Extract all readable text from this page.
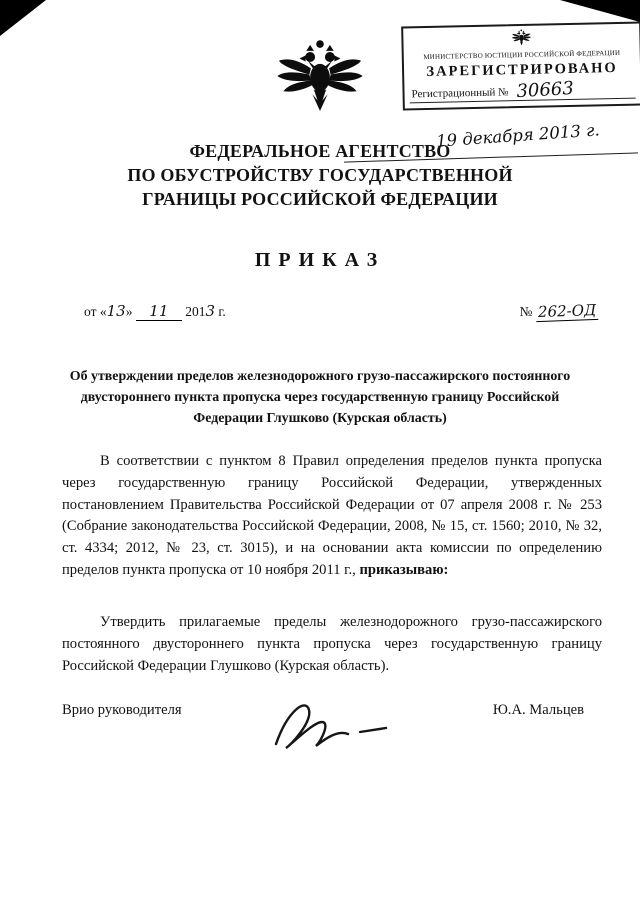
МИНИСТЕРСТВО ЮСТИЦИИ РОССИЙСКОЙ ФЕДЕРАЦИИ
ЗАРЕГИСТРИРОВАНО
Регистрационный № 30663
19 декабря 2013 г.
ФЕДЕРАЛЬНОЕ АГЕНТСТВО
ПО ОБУСТРОЙСТВУ ГОСУДАРСТВЕННОЙ
ГРАНИЦЫ РОССИЙСКОЙ ФЕДЕРАЦИИ
ПРИКАЗ
от «13» 11 2013 г.	№ 262-ОД
Об утверждении пределов железнодорожного грузо-пассажирского постоянного двустороннего пункта пропуска через государственную границу Российской Федерации Глушково (Курская область)

В соответствии с пунктом 8 Правил определения пределов пункта пропуска через государственную границу Российской Федерации, утвержденных постановлением Правительства Российской Федерации от 07 апреля 2008 г. № 253 (Собрание законодательства Российской Федерации, 2008, № 15, ст. 1560; 2010, № 32, ст. 4334; 2012, № 23, ст. 3015), и на основании акта комиссии по определению пределов пункта пропуска от 10 ноября 2011 г., приказываю:

Утвердить прилагаемые пределы железнодорожного грузо-пассажирского постоянного двустороннего пункта пропуска через государственную границу Российской Федерации Глушково (Курская область).

Врио руководителя	Ю.А. Мальцев
